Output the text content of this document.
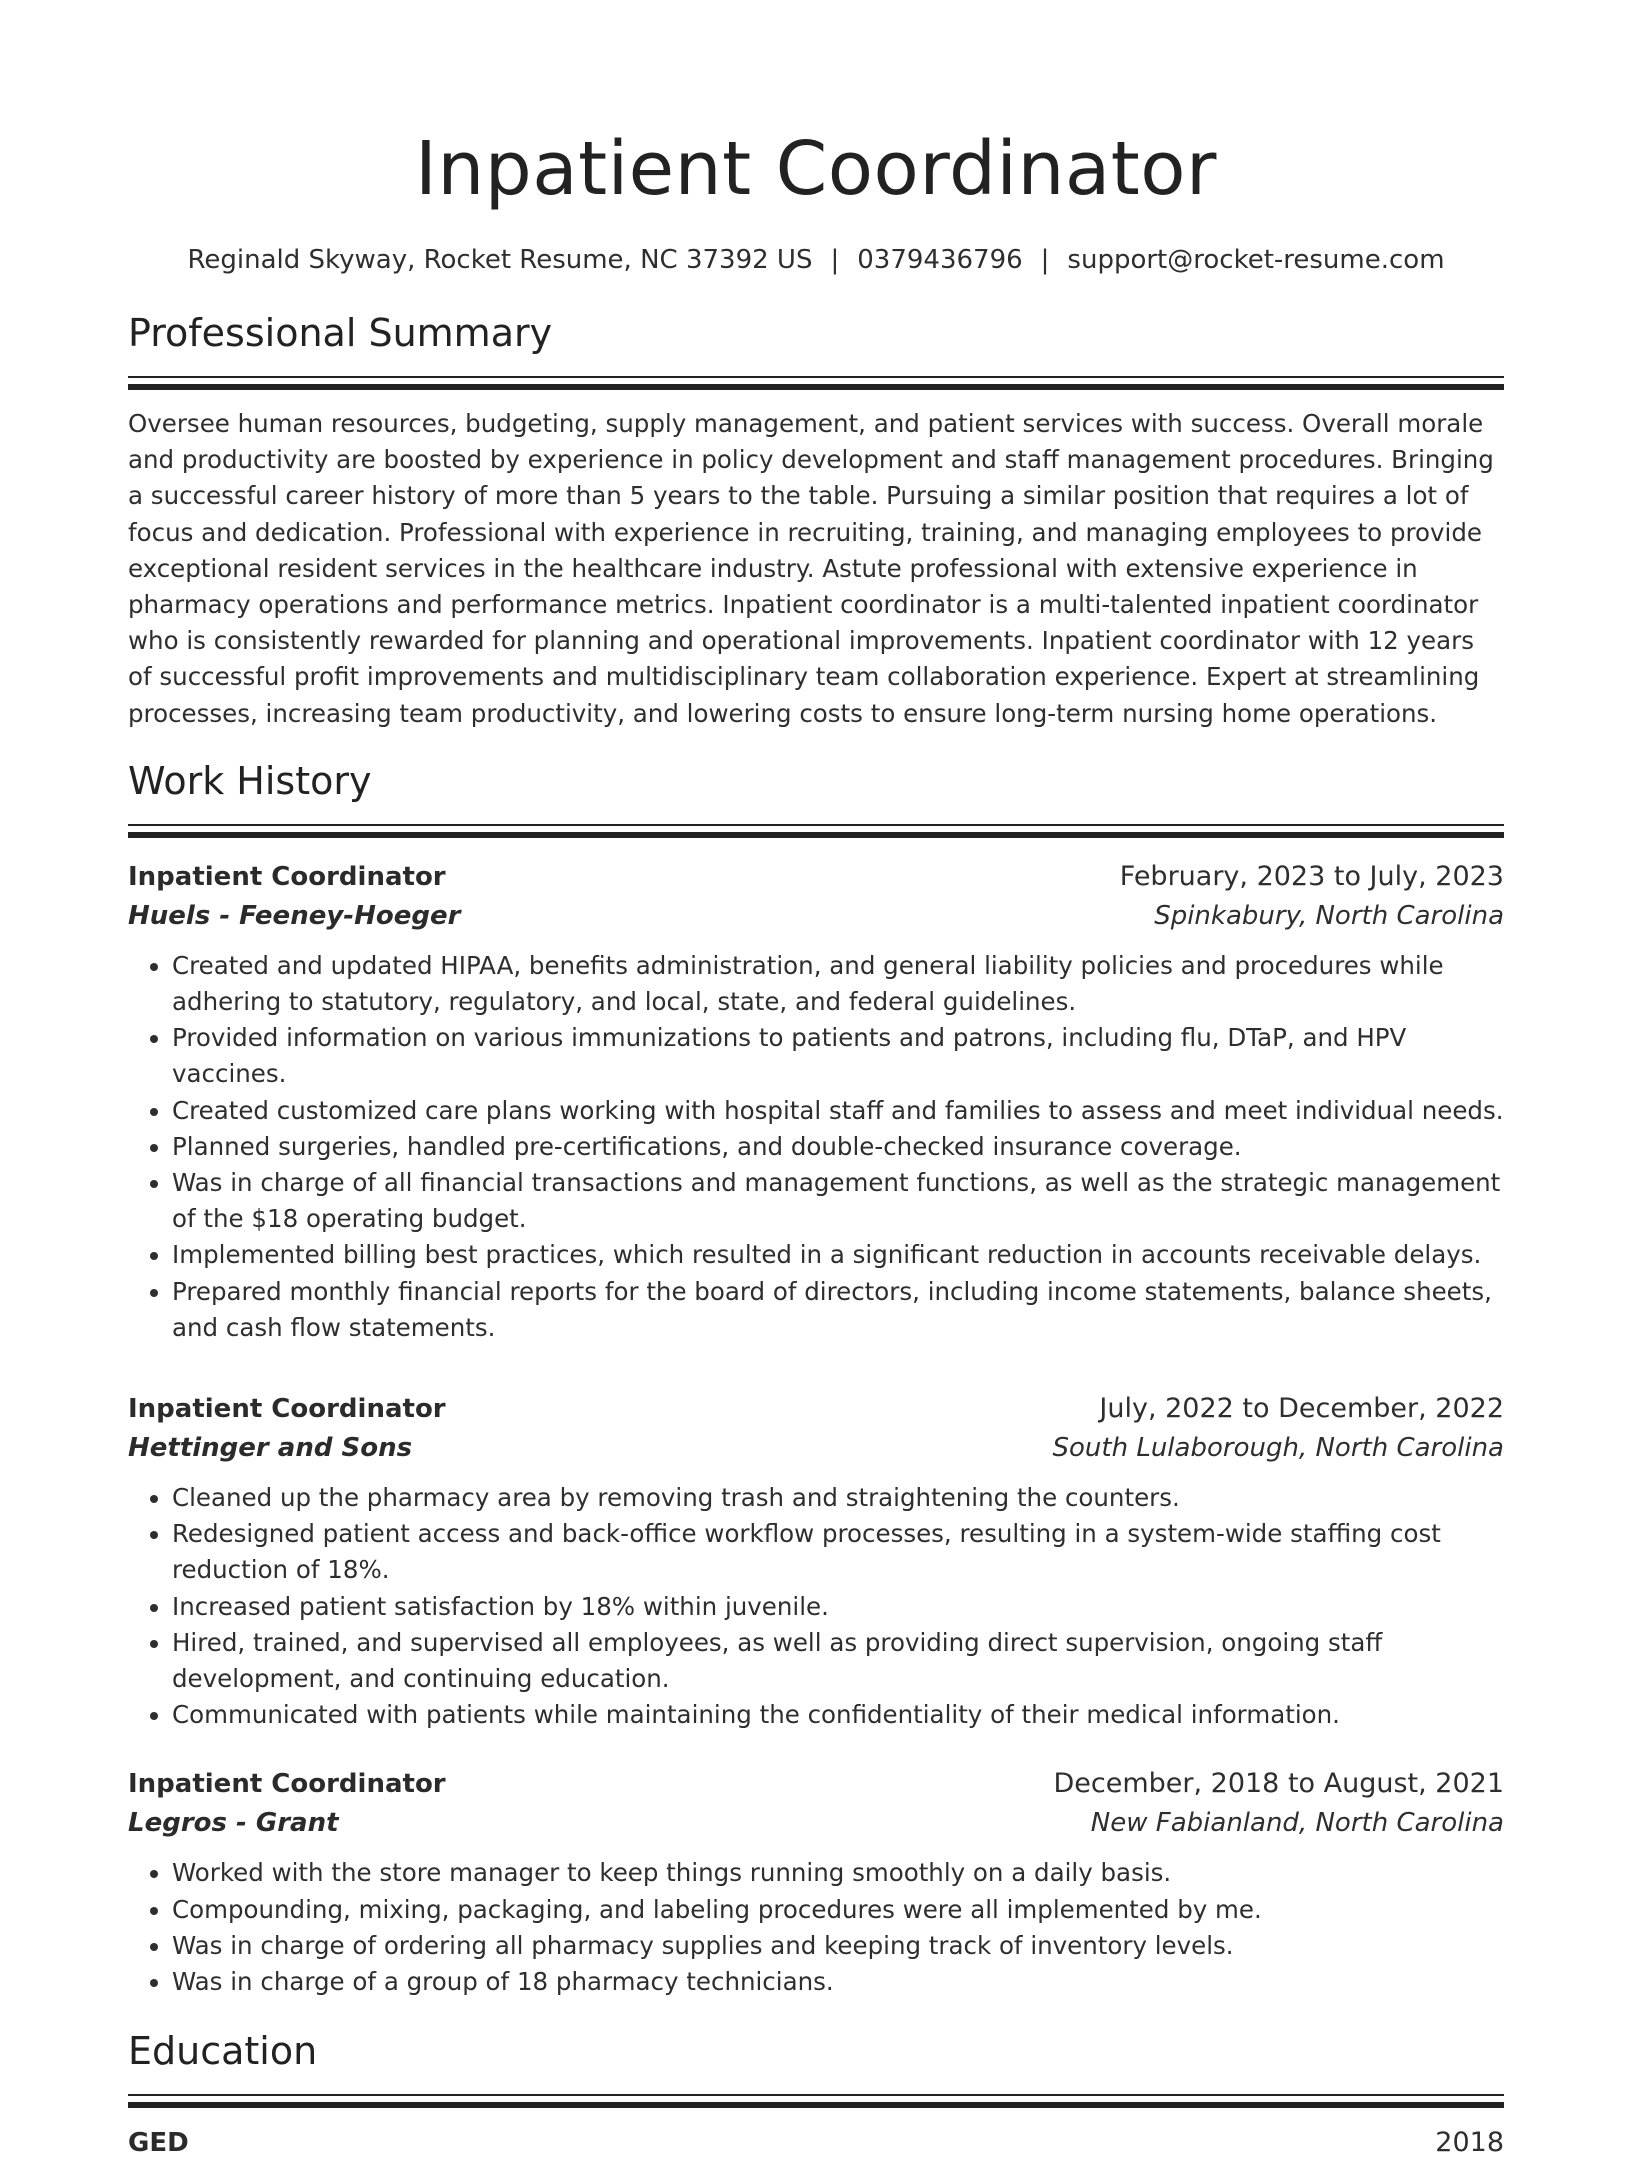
Inpatient Coordinator
Reginald Skyway, Rocket Resume, NC 37392 US | 0379436796 | support@rocket-resume.com
Professional Summary

Oversee human resources, budgeting, supply management, and patient services with success. Overall morale and productivity are boosted by experience in policy development and staff management procedures. Bringing a successful career history of more than 5 years to the table. Pursuing a similar position that requires a lot of focus and dedication. Professional with experience in recruiting, training, and managing employees to provide exceptional resident services in the healthcare industry. Astute professional with extensive experience in pharmacy operations and performance metrics. Inpatient coordinator is a multi-talented inpatient coordinator who is consistently rewarded for planning and operational improvements. Inpatient coordinator with 12 years of successful profit improvements and multidisciplinary team collaboration experience. Expert at streamlining processes, increasing team productivity, and lowering costs to ensure long-term nursing home operations.

Work History
Inpatient Coordinator	February, 2023 to July, 2023
Huels - Feeney-Hoeger	Spinkabury, North Carolina
• Created and updated HIPAA, benefits administration, and general liability policies and procedures while adhering to statutory, regulatory, and local, state, and federal guidelines.
• Provided information on various immunizations to patients and patrons, including flu, DTaP, and HPV vaccines.
• Created customized care plans working with hospital staff and families to assess and meet individual needs.
• Planned surgeries, handled pre-certifications, and double-checked insurance coverage.
• Was in charge of all financial transactions and management functions, as well as the strategic management of the $18 operating budget.
• Implemented billing best practices, which resulted in a significant reduction in accounts receivable delays.
• Prepared monthly financial reports for the board of directors, including income statements, balance sheets, and cash flow statements.
Inpatient Coordinator	July, 2022 to December, 2022
Hettinger and Sons	South Lulaborough, North Carolina
• Cleaned up the pharmacy area by removing trash and straightening the counters.
• Redesigned patient access and back-office workflow processes, resulting in a system-wide staffing cost reduction of 18%.
• Increased patient satisfaction by 18% within juvenile.
• Hired, trained, and supervised all employees, as well as providing direct supervision, ongoing staff development, and continuing education.
• Communicated with patients while maintaining the confidentiality of their medical information.
Inpatient Coordinator	December, 2018 to August, 2021
Legros - Grant	New Fabianland, North Carolina
• Worked with the store manager to keep things running smoothly on a daily basis.
• Compounding, mixing, packaging, and labeling procedures were all implemented by me.
• Was in charge of ordering all pharmacy supplies and keeping track of inventory levels.
• Was in charge of a group of 18 pharmacy technicians.
Education
GED	2018
